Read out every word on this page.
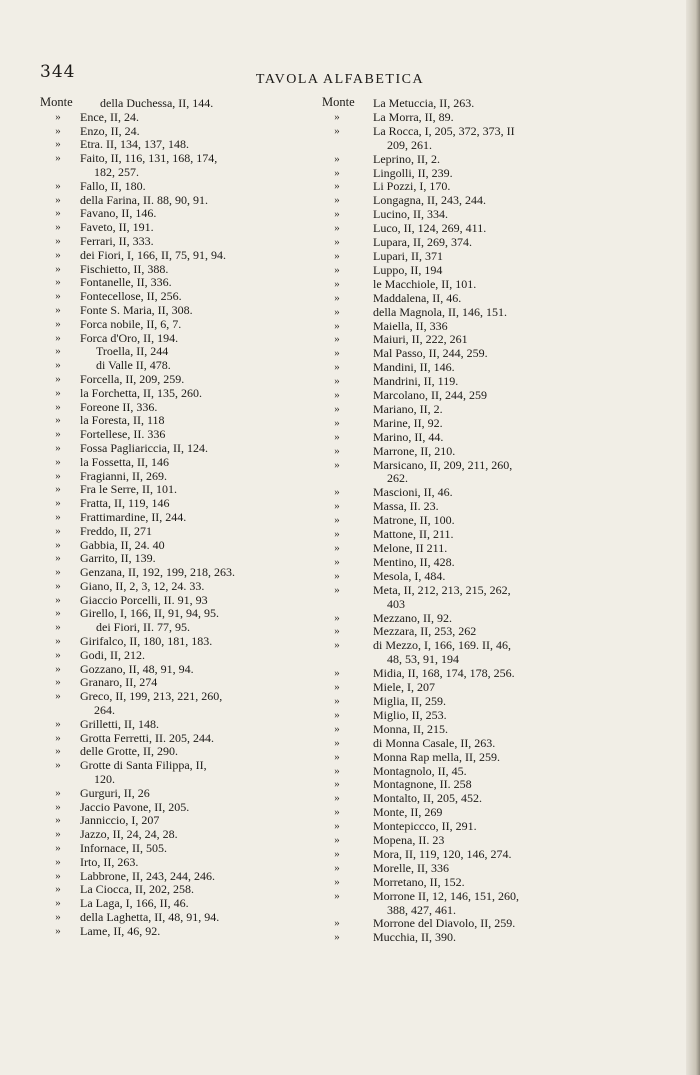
344	TAVOLA ALFABETICA
Monte	della Duchessa, II, 144.
» Ence, II, 24.
» Enzo, II, 24.
» Etra. II, 134, 137, 148.
» Faito, II, 116, 131, 168, 174,
182, 257.
» Fallo, II, 180.
» della Farina, II. 88, 90, 91.
» Favano, II, 146.
» Faveto, II, 191.
» Ferrari, II, 333.
» dei Fiori, I, 166, II, 75, 91, 94.
» Fischietto, II, 388.
» Fontanelle, II, 336.
» Fontecellose, II, 256.
» Fonte S. Maria, II, 308.
» Forca nobile, II, 6, 7.
» Forca d'Oro, II, 194.
» Troella, II, 244
» di Valle II, 478.
» Forcella, II, 209, 259.
» la Forchetta, II, 135, 260.
» Foreone II, 336.
» la Foresta, II, 118
» Fortellese, II. 336
» Fossa Pagliariccia, II, 124.
» la Fossetta, II, 146
» Fragianni, II, 269.
» Fra le Serre, II, 101.
» Fratta, II, 119, 146
» Frattimardine, II, 244.
» Freddo, II, 271
» Gabbia, II, 24. 40
» Garrito, II, 139.
» Genzana, II, 192, 199, 218, 263.
» Giano, II, 2, 3, 12, 24. 33.
» Giaccio Porcelli, II. 91, 93
» Girello, I, 166, II, 91, 94, 95.
» dei Fiori, II. 77, 95.
» Girifalco, II, 180, 181, 183.
» Godi, II, 212.
» Gozzano, II, 48, 91, 94.
» Granaro, II, 274
» Greco, II, 199, 213, 221, 260,
264.
» Grilletti, II, 148.
» Grotta Ferretti, II. 205, 244.
» delle Grotte, II, 290.
» Grotte di Santa Filippa, II,
120.
» Gurguri, II, 26
» Jaccio Pavone, II, 205.
» Janniccio, I, 207
» Jazzo, II, 24, 24, 28.
» Infornace, II, 505.
» Irto, II, 263.
» Labbrone, II, 243, 244, 246.
» La Ciocca, II, 202, 258.
» La Laga, I, 166, II, 46.
» della Laghetta, II, 48, 91, 94.
» Lame, II, 46, 92.
Monte	La Metuccia, II, 263.
» La Morra, II, 89.
» La Rocca, I, 205, 372, 373, II
209, 261.
» Leprino, II, 2.
» Lingolli, II, 239.
» Li Pozzi, I, 170.
» Longagna, II, 243, 244.
» Lucino, II, 334.
» Luco, II, 124, 269, 411.
» Lupara, II, 269, 374.
» Lupari, II, 371
» Luppo, II, 194
» le Macchiole, II, 101.
» Maddalena, II, 46.
» della Magnola, II, 146, 151.
» Maiella, II, 336
» Maiuri, II, 222, 261
» Mal Passo, II, 244, 259.
» Mandini, II, 146.
» Mandrini, II, 119.
» Marcolano, II, 244, 259
» Mariano, II, 2.
» Marine, II, 92.
» Marino, II, 44.
» Marrone, II, 210.
» Marsicano, II, 209, 211, 260,
262.
» Mascioni, II, 46.
» Massa, II. 23.
» Matrone, II, 100.
» Mattone, II, 211.
» Melone, II 211.
» Mentino, II, 428.
» Mesola, I, 484.
» Meta, II, 212, 213, 215, 262,
403
» Mezzano, II, 92.
» Mezzara, II, 253, 262
» di Mezzo, I, 166, 169. II, 46,
48, 53, 91, 194
» Midia, II, 168, 174, 178, 256.
» Miele, I, 207
» Miglia, II, 259.
» Miglio, II, 253.
» Monna, II, 215.
» di Monna Casale, II, 263.
» Monna Rap mella, II, 259.
» Montagnolo, II, 45.
» Montagnone, II. 258
» Montalto, II, 205, 452.
» Monte, II, 269
» Montepiccco, II, 291.
» Mopena, II. 23
» Mora, II, 119, 120, 146, 274.
» Morelle, II, 336
» Morretano, II, 152.
» Morrone II, 12, 146, 151, 260,
388, 427, 461.
» Morrone del Diavolo, II, 259.
» Mucchia, II, 390.
